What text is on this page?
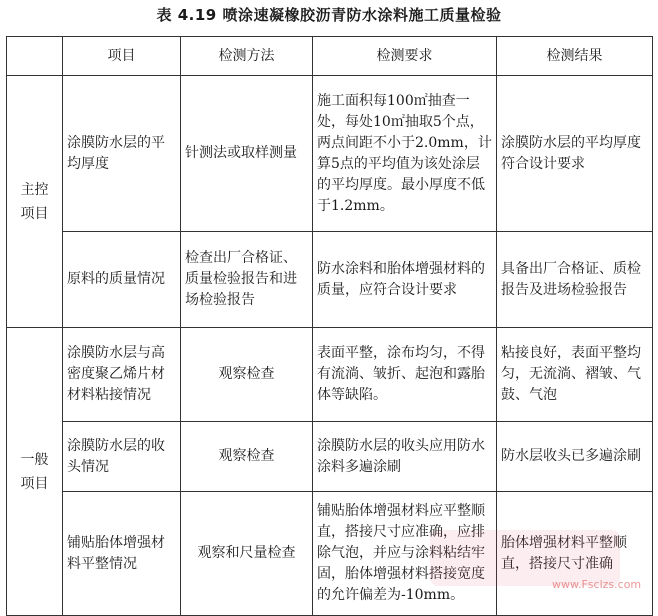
表 4.19 喷涂速凝橡胶沥青防水涂料施工质量检验
	项目	检测方法	检测要求	检测结果
主控项目	涂膜防水层的平均厚度	针测法或取样测量	施工面积每100㎡抽查一处，每处10㎡抽取5个点，两点间距不小于2.0mm，计算5点的平均值为该处涂层的平均厚度。最小厚度不低于1.2mm。	涂膜防水层的平均厚度符合设计要求
	原料的质量情况	检查出厂合格证、质量检验报告和进场检验报告	防水涂料和胎体增强材料的质量，应符合设计要求	具备出厂合格证、质检报告及进场检验报告
一般项目	涂膜防水层与高密度聚乙烯片材材料粘接情况	观察检查	表面平整，涂布均匀，不得有流淌、皱折、起泡和露胎体等缺陷。	粘接良好，表面平整均匀，无流淌、褶皱、气鼓、气泡
	涂膜防水层的收头情况	观察检查	涂膜防水层的收头应用防水涂料多遍涂刷	防水层收头已多遍涂刷
	铺贴胎体增强材料平整情况	观察和尺量检查	铺贴胎体增强材料应平整顺直，搭接尺寸应准确，应排除气泡，并应与涂料粘结牢固，胎体增强材料搭接宽度的允许偏差为-10mm。	胎体增强材料平整顺直，搭接尺寸准确
www.Fsclzs.com
